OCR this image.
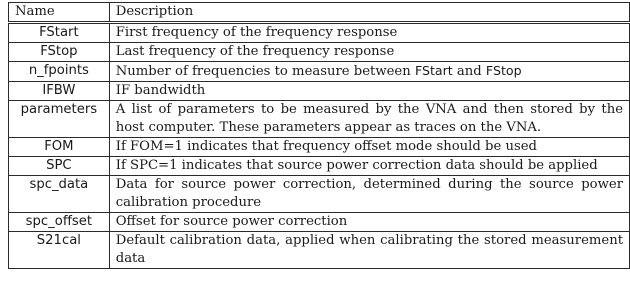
Name	Description
FStart	First frequency of the frequency response
FStop	Last frequency of the frequency response
n_fpoints	Number of frequencies to measure between FStart and FStop
IFBW	IF bandwidth
parameters	A list of parameters to be measured by the VNA and then stored by the host computer. These parameters appear as traces on the VNA.
FOM	If FOM=1 indicates that frequency offset mode should be used
SPC	If SPC=1 indicates that source power correction data should be applied
spc_data	Data for source power correction, determined during the source power calibration procedure
spc_offset	Offset for source power correction
S21cal	Default calibration data, applied when calibrating the stored measurement data
